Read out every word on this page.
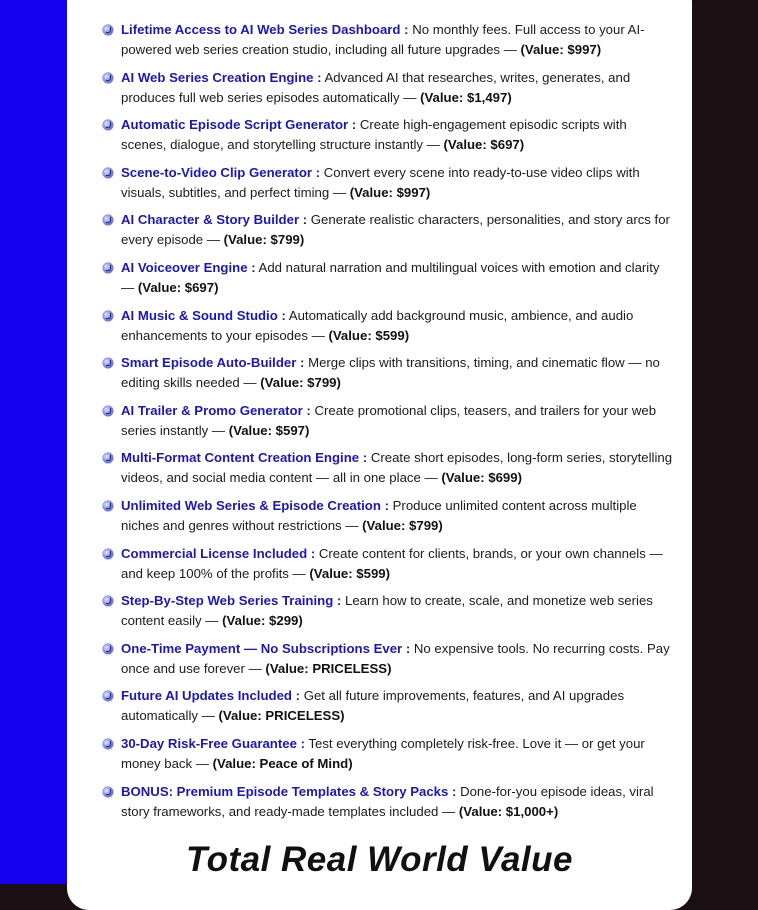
Lifetime Access to AI Web Series Dashboard : No monthly fees. Full access to your AI-powered web series creation studio, including all future upgrades — (Value: $997)
AI Web Series Creation Engine : Advanced AI that researches, writes, generates, and produces full web series episodes automatically — (Value: $1,497)
Automatic Episode Script Generator : Create high-engagement episodic scripts with scenes, dialogue, and storytelling structure instantly — (Value: $697)
Scene-to-Video Clip Generator : Convert every scene into ready-to-use video clips with visuals, subtitles, and perfect timing — (Value: $997)
AI Character & Story Builder : Generate realistic characters, personalities, and story arcs for every episode — (Value: $799)
AI Voiceover Engine : Add natural narration and multilingual voices with emotion and clarity — (Value: $697)
AI Music & Sound Studio : Automatically add background music, ambience, and audio enhancements to your episodes — (Value: $599)
Smart Episode Auto-Builder : Merge clips with transitions, timing, and cinematic flow — no editing skills needed — (Value: $799)
AI Trailer & Promo Generator : Create promotional clips, teasers, and trailers for your web series instantly — (Value: $597)
Multi-Format Content Creation Engine : Create short episodes, long-form series, storytelling videos, and social media content — all in one place — (Value: $699)
Unlimited Web Series & Episode Creation : Produce unlimited content across multiple niches and genres without restrictions — (Value: $799)
Commercial License Included : Create content for clients, brands, or your own channels — and keep 100% of the profits — (Value: $599)
Step-By-Step Web Series Training : Learn how to create, scale, and monetize web series content easily — (Value: $299)
One-Time Payment — No Subscriptions Ever : No expensive tools. No recurring costs. Pay once and use forever — (Value: PRICELESS)
Future AI Updates Included : Get all future improvements, features, and AI upgrades automatically — (Value: PRICELESS)
30-Day Risk-Free Guarantee : Test everything completely risk-free. Love it — or get your money back — (Value: Peace of Mind)
BONUS: Premium Episode Templates & Story Packs : Done-for-you episode ideas, viral story frameworks, and ready-made templates included — (Value: $1,000+)
Total Real World Value
